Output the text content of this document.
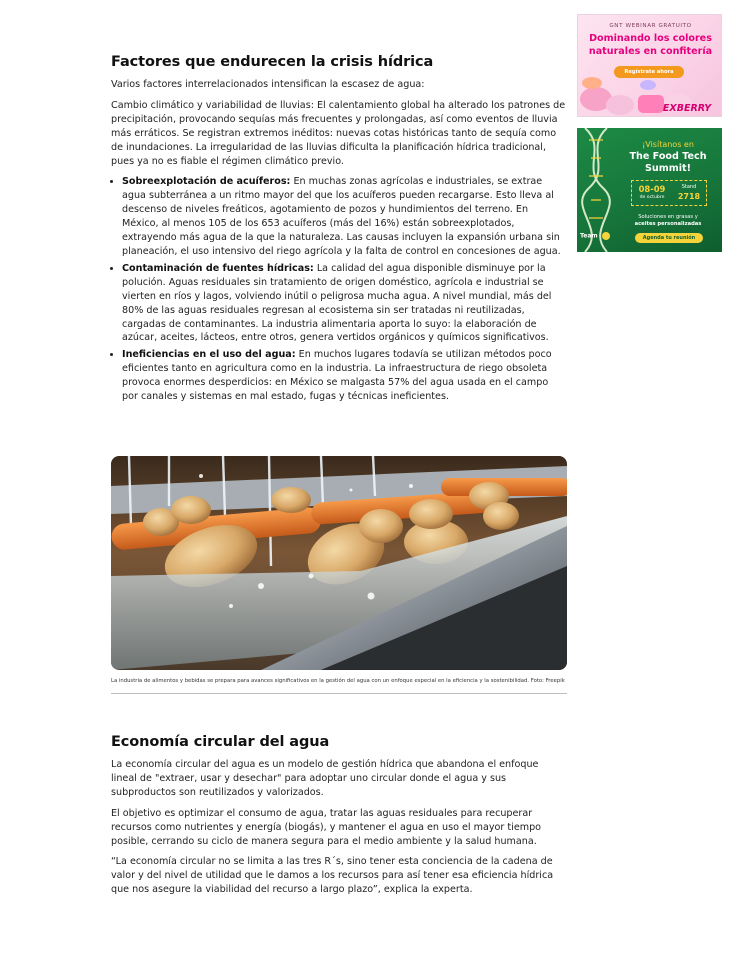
Factores que endurecen la crisis hídrica

Varios factores interrelacionados intensifican la escasez de agua:

Cambio climático y variabilidad de lluvias: El calentamiento global ha alterado los patrones de precipitación, provocando sequías más frecuentes y prolongadas, así como eventos de lluvia más erráticos. Se registran extremos inéditos: nuevas cotas históricas tanto de sequía como de inundaciones. La irregularidad de las lluvias dificulta la planificación hídrica tradicional, pues ya no es fiable el régimen climático previo.

• Sobreexplotación de acuíferos: En muchas zonas agrícolas e industriales, se extrae agua subterránea a un ritmo mayor del que los acuíferos pueden recargarse. Esto lleva al descenso de niveles freáticos, agotamiento de pozos y hundimientos del terreno. En México, al menos 105 de los 653 acuíferos (más del 16%) están sobreexplotados, extrayendo más agua de la que la naturaleza. Las causas incluyen la expansión urbana sin planeación, el uso intensivo del riego agrícola y la falta de control en concesiones de agua.
• Contaminación de fuentes hídricas: La calidad del agua disponible disminuye por la polución. Aguas residuales sin tratamiento de origen doméstico, agrícola e industrial se vierten en ríos y lagos, volviendo inútil o peligrosa mucha agua. A nivel mundial, más del 80% de las aguas residuales regresan al ecosistema sin ser tratadas ni reutilizadas, cargadas de contaminantes. La industria alimentaria aporta lo suyo: la elaboración de azúcar, aceites, lácteos, entre otros, genera vertidos orgánicos y químicos significativos.
• Ineficiencias en el uso del agua: En muchos lugares todavía se utilizan métodos poco eficientes tanto en agricultura como en la industria. La infraestructura de riego obsoleta provoca enormes desperdicios: en México se malgasta 57% del agua usada en el campo por canales y sistemas en mal estado, fugas y técnicas ineficientes.
La industria de alimentos y bebidas se prepara para avances significativos en la gestión del agua con un enfoque especial en la eficiencia y la sostenibilidad. Foto: Freepik
Economía circular del agua

La economía circular del agua es un modelo de gestión hídrica que abandona el enfoque lineal de "extraer, usar y desechar" para adoptar uno circular donde el agua y sus subproductos son reutilizados y valorizados.

El objetivo es optimizar el consumo de agua, tratar las aguas residuales para recuperar recursos como nutrientes y energía (biogás), y mantener el agua en uso el mayor tiempo posible, cerrando su ciclo de manera segura para el medio ambiente y la salud humana.

“La economía circular no se limita a las tres R´s, sino tener esta conciencia de la cadena de valor y del nivel de utilidad que le damos a los recursos para así tener esa eficiencia hídrica que nos asegure la viabilidad del recurso a largo plazo”, explica la experta.

GNT WEBINAR GRATUITO
Dominando los colores
naturales en confitería
Regístrate ahora
EXBERRY
¡Visítanos en
The Food Tech
Summit!
08-09
de octubre
Stand
2718
Soluciones en grasas y
aceites personalizadas
Agenda tu reunión
Team
